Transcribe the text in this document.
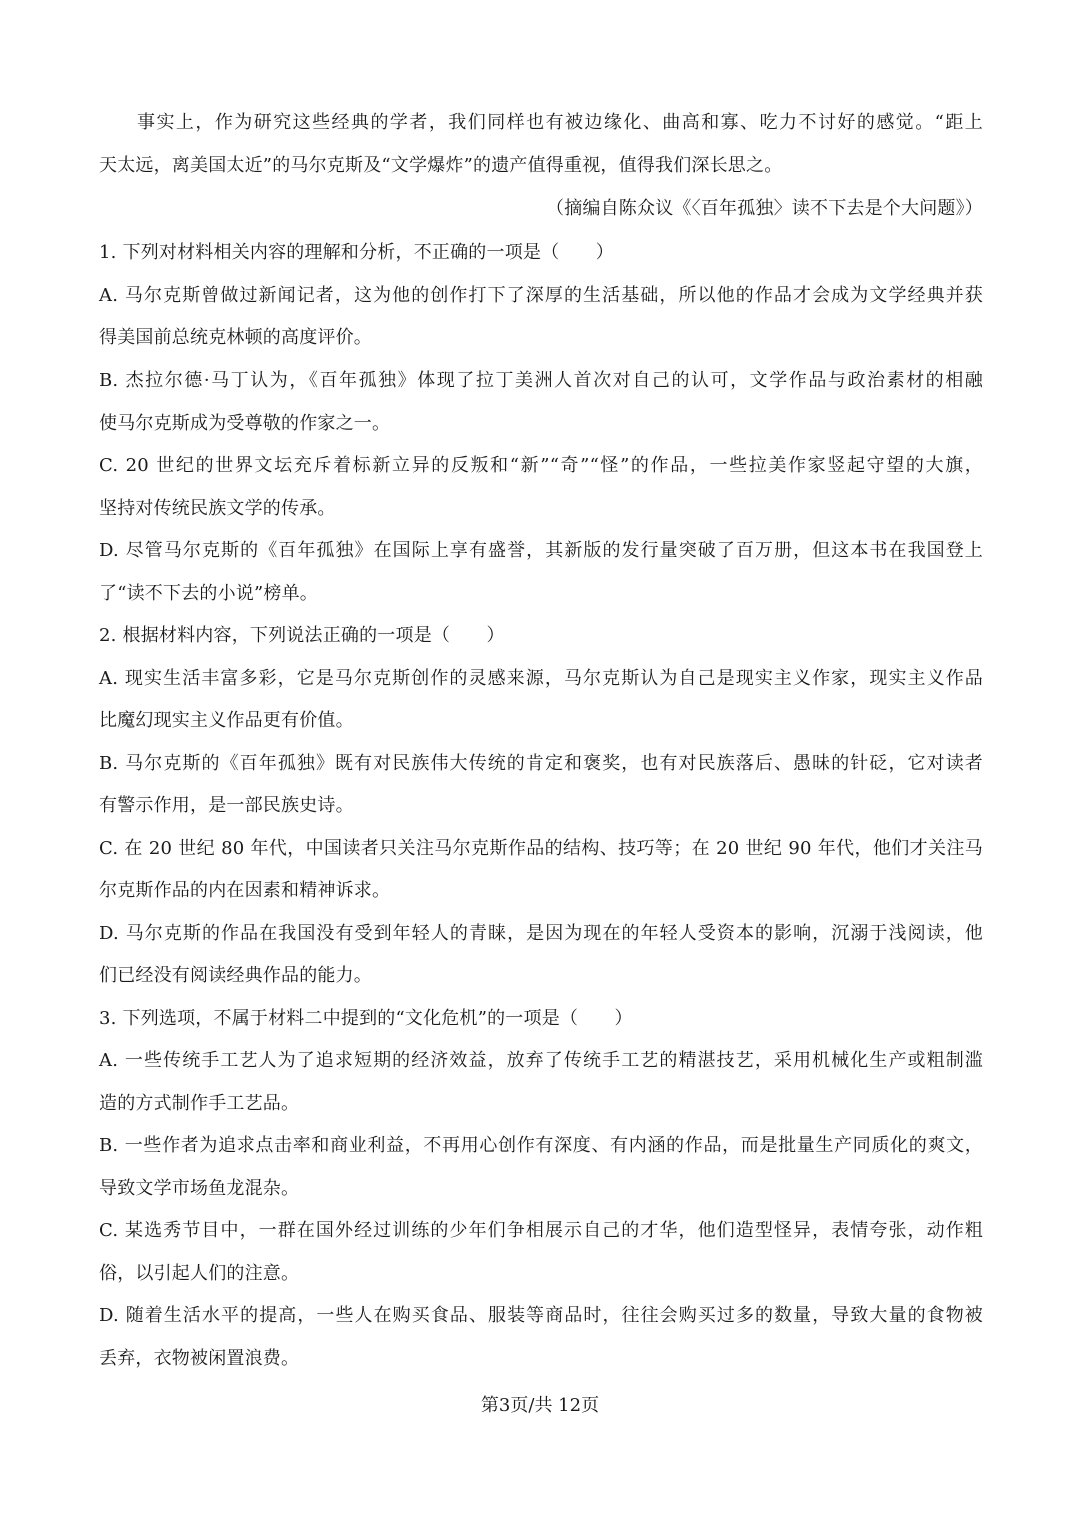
事实上，作为研究这些经典的学者，我们同样也有被边缘化、曲高和寡、吃力不讨好的感觉。“距上
天太远，离美国太近”的马尔克斯及“文学爆炸”的遗产值得重视，值得我们深长思之。
（摘编自陈众议《〈百年孤独〉读不下去是个大问题》）
1. 下列对材料相关内容的理解和分析，不正确的一项是（　　）
A. 马尔克斯曾做过新闻记者，这为他的创作打下了深厚的生活基础，所以他的作品才会成为文学经典并获
得美国前总统克林顿的高度评价。
B. 杰拉尔德·马丁认为，《百年孤独》体现了拉丁美洲人首次对自己的认可，文学作品与政治素材的相融
使马尔克斯成为受尊敬的作家之一。
C. 20 世纪的世界文坛充斥着标新立异的反叛和“新”“奇”“怪”的作品，一些拉美作家竖起守望的大旗，
坚持对传统民族文学的传承。
D. 尽管马尔克斯的《百年孤独》在国际上享有盛誉，其新版的发行量突破了百万册，但这本书在我国登上
了“读不下去的小说”榜单。
2. 根据材料内容，下列说法正确的一项是（　　）
A. 现实生活丰富多彩，它是马尔克斯创作的灵感来源，马尔克斯认为自己是现实主义作家，现实主义作品
比魔幻现实主义作品更有价值。
B. 马尔克斯的《百年孤独》既有对民族伟大传统的肯定和褒奖，也有对民族落后、愚昧的针砭，它对读者
有警示作用，是一部民族史诗。
C. 在 20 世纪 80 年代，中国读者只关注马尔克斯作品的结构、技巧等；在 20 世纪 90 年代，他们才关注马
尔克斯作品的内在因素和精神诉求。
D. 马尔克斯的作品在我国没有受到年轻人的青睐，是因为现在的年轻人受资本的影响，沉溺于浅阅读，他
们已经没有阅读经典作品的能力。
3. 下列选项，不属于材料二中提到的“文化危机”的一项是（　　）
A. 一些传统手工艺人为了追求短期的经济效益，放弃了传统手工艺的精湛技艺，采用机械化生产或粗制滥
造的方式制作手工艺品。
B. 一些作者为追求点击率和商业利益，不再用心创作有深度、有内涵的作品，而是批量生产同质化的爽文，
导致文学市场鱼龙混杂。
C. 某选秀节目中，一群在国外经过训练的少年们争相展示自己的才华，他们造型怪异，表情夸张，动作粗
俗，以引起人们的注意。
D. 随着生活水平的提高，一些人在购买食品、服装等商品时，往往会购买过多的数量，导致大量的食物被
丢弃，衣物被闲置浪费。
第3页/共 12页
